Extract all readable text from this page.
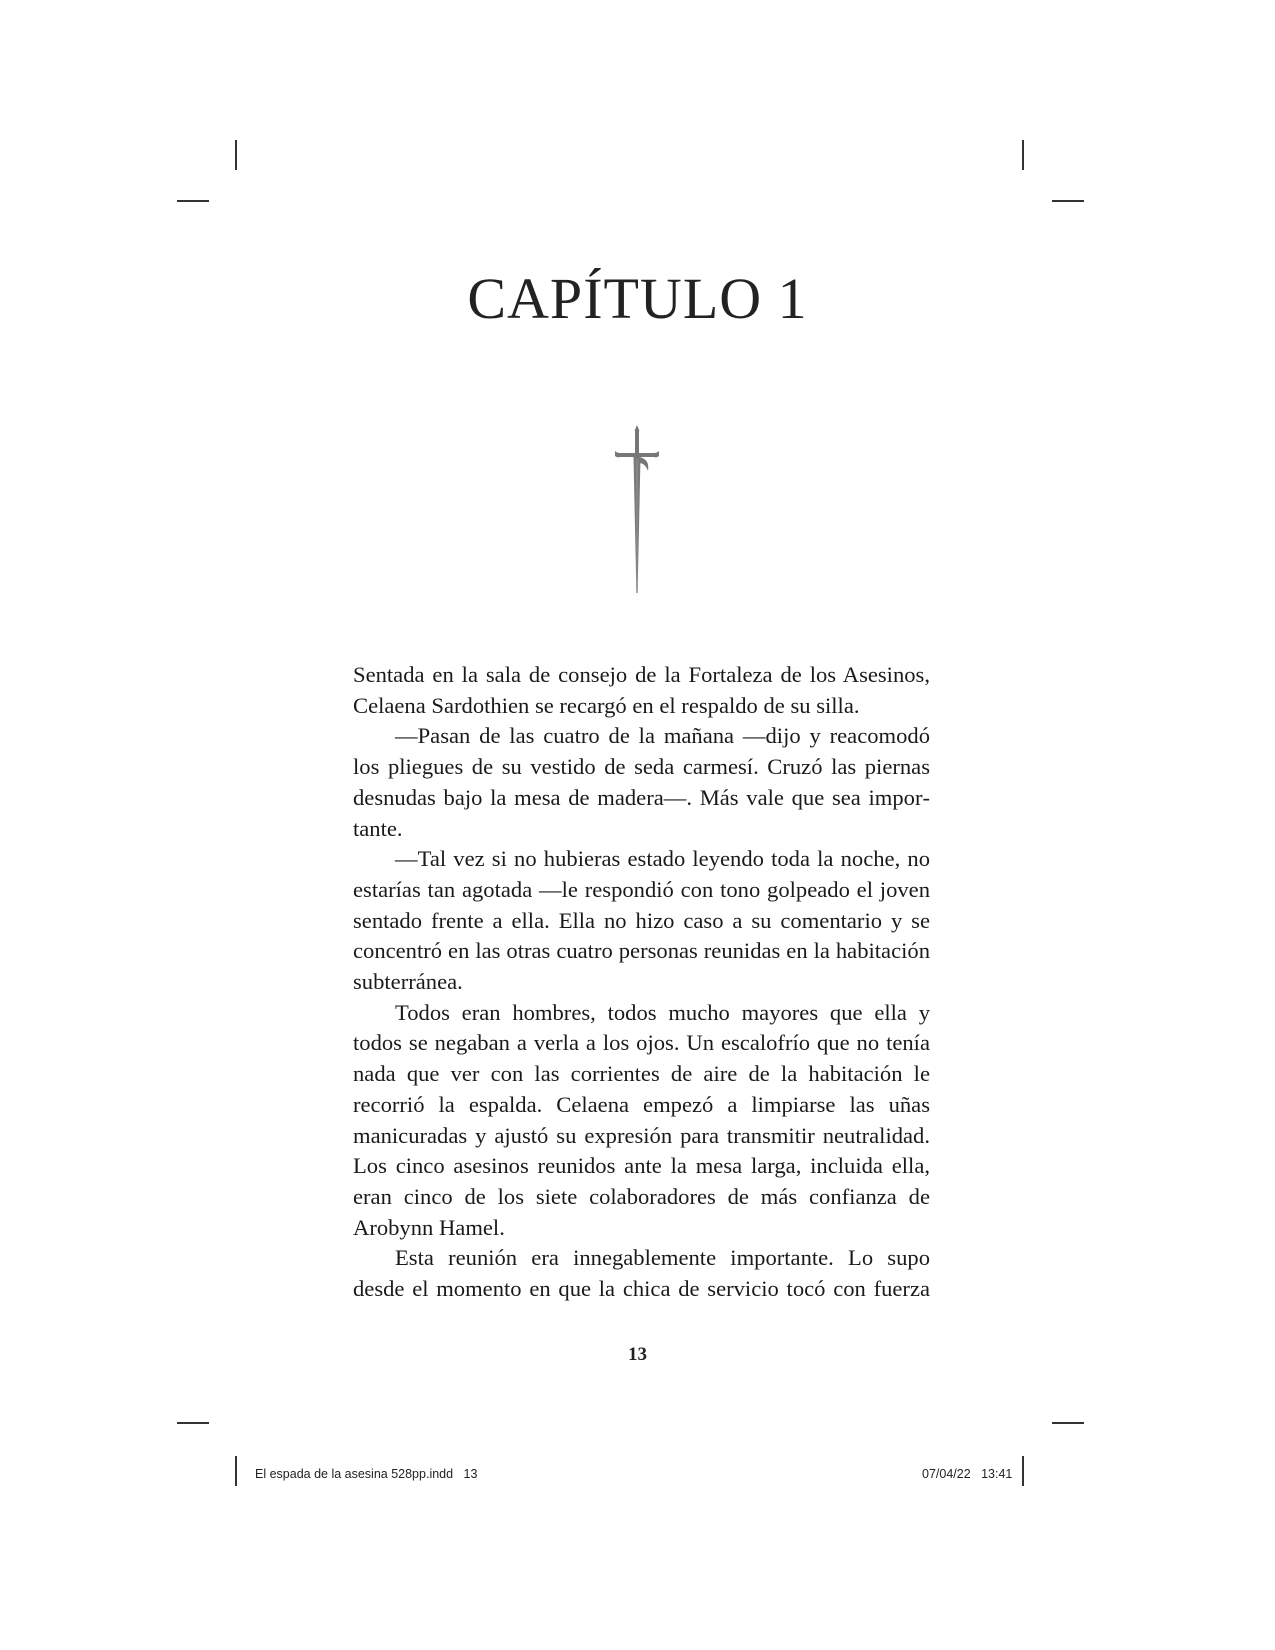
CAPÍTULO 1

Sentada en la sala de consejo de la Fortaleza de los Asesinos, Celaena Sardothien se recargó en el respaldo de su silla.

—Pasan de las cuatro de la mañana —dijo y reacomodó los pliegues de su vestido de seda carmesí. Cruzó las piernas desnudas bajo la mesa de madera—. Más vale que sea importante.

—Tal vez si no hubieras estado leyendo toda la noche, no estarías tan agotada —le respondió con tono golpeado el joven sentado frente a ella. Ella no hizo caso a su comentario y se concentró en las otras cuatro personas reunidas en la habitación subterránea.

Todos eran hombres, todos mucho mayores que ella y todos se negaban a verla a los ojos. Un escalofrío que no tenía nada que ver con las corrientes de aire de la habitación le recorrió la espalda. Celaena empezó a limpiarse las uñas manicuradas y ajustó su expresión para transmitir neutralidad. Los cinco asesinos reunidos ante la mesa larga, incluida ella, eran cinco de los siete colaboradores de más confianza de Arobynn Hamel.

Esta reunión era innegablemente importante. Lo supo desde el momento en que la chica de servicio tocó con fuerza

13
El espada de la asesina 528pp.indd   13	07/04/22   13:41
